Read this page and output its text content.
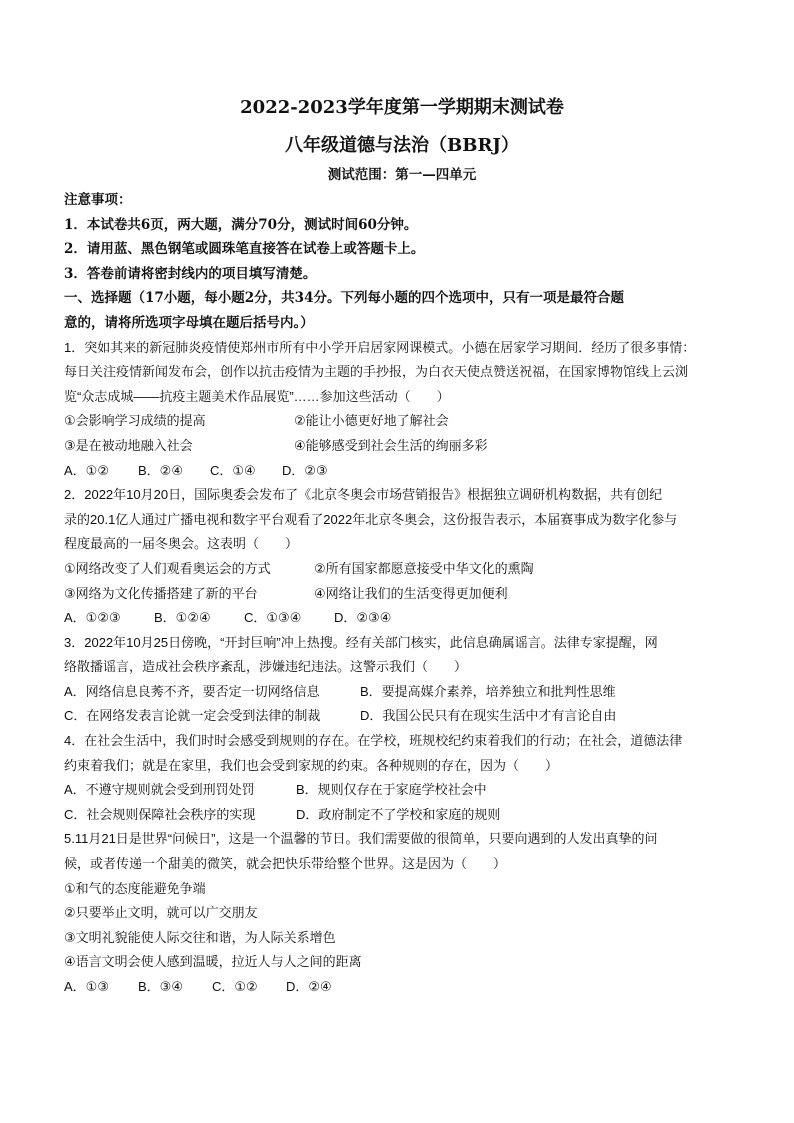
2022-2023学年度第一学期期末测试卷

八年级道德与法治（BBRJ）

测试范围：第一—四单元

注意事项：

1．本试卷共6页，两大题，满分70分，测试时间60分钟。

2．请用蓝、黑色钢笔或圆珠笔直接答在试卷上或答题卡上。

3．答卷前请将密封线内的项目填写清楚。

一、选择题（17小题，每小题2分，共34分。下列每小题的四个选项中，只有一项是最符合题

意的，请将所选项字母填在题后括号内。）

1．突如其来的新冠肺炎疫情使郑州市所有中小学开启居家网课模式。小德在居家学习期间．经历了很多事情：

每日关注疫情新闻发布会，创作以抗击疫情为主题的手抄报，为白衣天使点赞送祝福，在国家博物馆线上云浏

览“众志成城——抗疫主题美术作品展览”……参加这些活动（　　）

①会影响学习成绩的提高	②能让小德更好地了解社会
③是在被动地融入社会	④能够感受到社会生活的绚丽多彩
A．①②	B．②④	C．①④	D．②③

2．2022年10月20日，国际奥委会发布了《北京冬奥会市场营销报告》根据独立调研机构数据，共有创纪

录的20.1亿人通过广播电视和数字平台观看了2022年北京冬奥会，这份报告表示，本届赛事成为数字化参与

程度最高的一届冬奥会。这表明（　　）

①网络改变了人们观看奥运会的方式	②所有国家都愿意接受中华文化的熏陶
③网络为文化传播搭建了新的平台	④网络让我们的生活变得更加便利
A．①②③	B．①②④	C．①③④	D．②③④

3．2022年10月25日傍晚，“开封巨响”冲上热搜。经有关部门核实，此信息确属谣言。法律专家提醒，网

络散播谣言，造成社会秩序紊乱，涉嫌违纪违法。这警示我们（　　）

A．网络信息良莠不齐，要否定一切网络信息	B．要提高媒介素养，培养独立和批判性思维
C．在网络发表言论就一定会受到法律的制裁	D．我国公民只有在现实生活中才有言论自由

4．在社会生活中，我们时时会感受到规则的存在。在学校，班规校纪约束着我们的行动；在社会，道德法律

约束着我们；就是在家里，我们也会受到家规的约束。各种规则的存在，因为（　　）

A．不遵守规则就会受到刑罚处罚	B．规则仅存在于家庭学校社会中
C．社会规则保障社会秩序的实现	D．政府制定不了学校和家庭的规则

5.11月21日是世界“问候日”，这是一个温馨的节日。我们需要做的很简单，只要向遇到的人发出真挚的问

候，或者传递一个甜美的微笑，就会把快乐带给整个世界。这是因为（　　）

①和气的态度能避免争端

②只要举止文明，就可以广交朋友

③文明礼貌能使人际交往和谐，为人际关系增色

④语言文明会使人感到温暖，拉近人与人之间的距离

A．①③	B．③④	C．①②	D．②④
